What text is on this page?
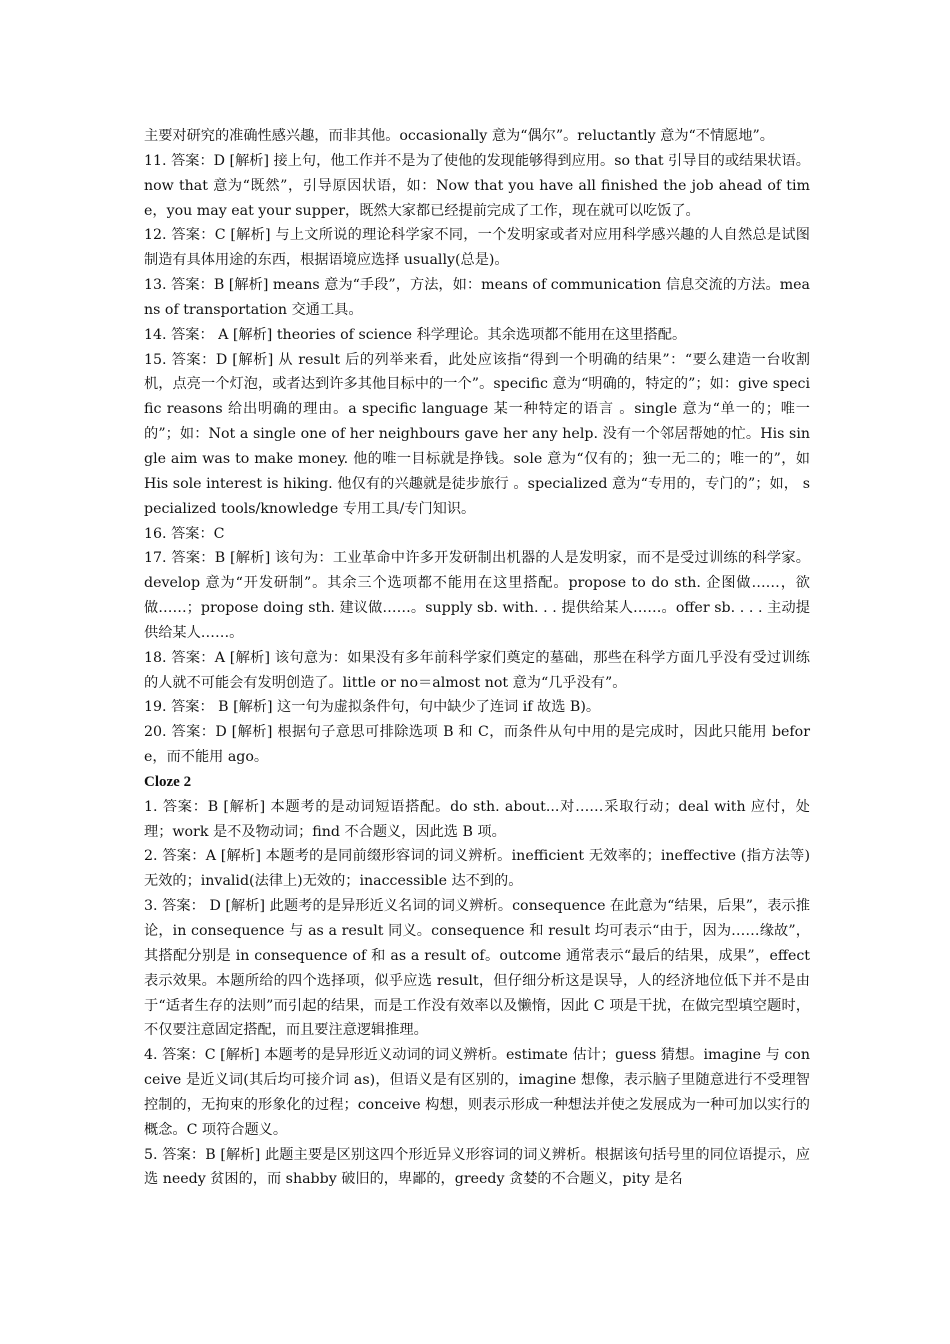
主要对研究的准确性感兴趣，而非其他。occasionally 意为“偶尔”。reluctantly 意为“不情愿地”。

11. 答案：D [解析] 接上句，他工作并不是为了使他的发现能够得到应用。so that 引导目的或结果状语。 now that 意为“既然”，引导原因状语，如：Now that you have all finished the job ahead of time，you may eat your supper，既然大家都已经提前完成了工作，现在就可以吃饭了。

12. 答案：C [解析] 与上文所说的理论科学家不同，一个发明家或者对应用科学感兴趣的人自然总是试图制造有具体用途的东西，根据语境应选择 usually(总是)。

13. 答案：B [解析] means 意为“手段”，方法，如：means of communication 信息交流的方法。means of transportation 交通工具。

14. 答案： A [解析] theories of science 科学理论。其余选项都不能用在这里搭配。

15. 答案：D [解析] 从 result 后的列举来看，此处应该指“得到一个明确的结果”：“要么建造一台收割机，点亮一个灯泡，或者达到许多其他目标中的一个”。specific 意为“明确的，特定的”；如：give specific reasons 给出明确的理由。a specific language 某一种特定的语言 。single 意为“单一的；唯一的”；如：Not a single one of her neighbours gave her any help. 没有一个邻居帮她的忙。His single aim was to make money. 他的唯一目标就是挣钱。sole 意为“仅有的；独一无二的；唯一的”，如 His sole interest is hiking. 他仅有的兴趣就是徒步旅行 。specialized 意为“专用的，专门的”；如， specialized tools/knowledge 专用工具/专门知识。

16. 答案：C

17. 答案：B [解析] 该句为：工业革命中许多开发研制出机器的人是发明家，而不是受过训练的科学家。 develop 意为“开发研制”。其余三个选项都不能用在这里搭配。propose to do sth. 企图做……，欲做……；propose doing sth. 建议做……。supply sb. with. . . 提供给某人……。offer sb. . . . 主动提供给某人……。

18. 答案：A [解析] 该句意为：如果没有多年前科学家们奠定的墓础，那些在科学方面几乎没有受过训练的人就不可能会有发明创造了。little or no＝almost not 意为“几乎没有”。

19. 答案： B [解析] 这一句为虚拟条件句，句中缺少了连词 if 故选 B)。

20. 答案：D [解析] 根据句子意思可排除选项 B 和 C，而条件从句中用的是完成时，因此只能用 before，而不能用 ago。

Cloze 2

1. 答案：B [解析] 本题考的是动词短语搭配。do sth. about...对……采取行动；deal with 应付，处理；work 是不及物动词；find 不合题义，因此选 B 项。

2. 答案：A [解析] 本题考的是同前缀形容词的词义辨析。inefficient 无效率的；ineffective (指方法等)无效的；invalid(法律上)无效的；inaccessible 达不到的。

3. 答案： D [解析] 此题考的是异形近义名词的词义辨析。consequence 在此意为“结果，后果”，表示推论，in consequence 与 as a result 同义。consequence 和 result 均可表示“由于，因为……缘故”， 其搭配分别是 in consequence of 和 as a result of。outcome 通常表示“最后的结果，成果”，effect 表示效果。本题所给的四个选择项，似乎应选 result，但仔细分析这是误导，人的经济地位低下并不是由于“适者生存的法则”而引起的结果，而是工作没有效率以及懒惰，因此 C 项是干扰，在做完型填空题时，不仅要注意固定搭配，而且要注意逻辑推理。

4. 答案：C [解析] 本题考的是异形近义动词的词义辨析。estimate 估计；guess 猜想。imagine 与 conceive 是近义词(其后均可接介词 as)，但语义是有区别的，imagine 想像，表示脑子里随意进行不受理智控制的，无拘束的形象化的过程；conceive 构想，则表示形成一种想法并使之发展成为一种可加以实行的概念。C 项符合题义。

5. 答案：B [解析] 此题主要是区别这四个形近异义形容词的词义辨析。根据该句括号里的同位语提示，应选 needy 贫困的，而 shabby 破旧的，卑鄙的，greedy 贪婪的不合题义，pity 是名
